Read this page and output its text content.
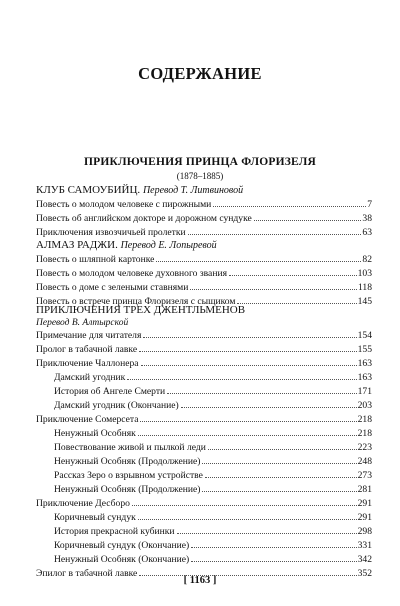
СОДЕРЖАНИЕ
ПРИКЛЮЧЕНИЯ ПРИНЦА ФЛОРИЗЕЛЯ
(1878–1885)
КЛУБ САМОУБИЙЦ. Перевод Т. Литвиновой
Повесть о молодом человеке с пирожными	7
Повесть об английском докторе и дорожном сундуке	38
Приключения извозчичьей пролетки	63
АЛМАЗ РАДЖИ. Перевод Е. Лопыревой
Повесть о шляпной картонке	82
Повесть о молодом человеке духовного звания	103
Повесть о доме с зелеными ставнями	118
Повесть о встрече принца Флоризеля с сыщиком	145
ПРИКЛЮЧЕНИЯ ТРЕХ ДЖЕНТЛЬМЕНОВ
Перевод В. Алтырской
Примечание для читателя	154
Пролог в табачной лавке	155
Приключение Чаллонера	163
Дамский угодник	163
История об Ангеле Смерти	171
Дамский угодник (Окончание)	203
Приключение Сомерсета	218
Ненужный Особняк	218
Повествование живой и пылкой леди	223
Ненужный Особняк (Продолжение)	248
Рассказ Зеро о взрывном устройстве	273
Ненужный Особняк (Продолжение)	281
Приключение Десборо	291
Коричневый сундук	291
История прекрасной кубинки	298
Коричневый сундук (Окончание)	331
Ненужный Особняк (Окончание)	342
Эпилог в табачной лавке	352
[ 1163 ]
